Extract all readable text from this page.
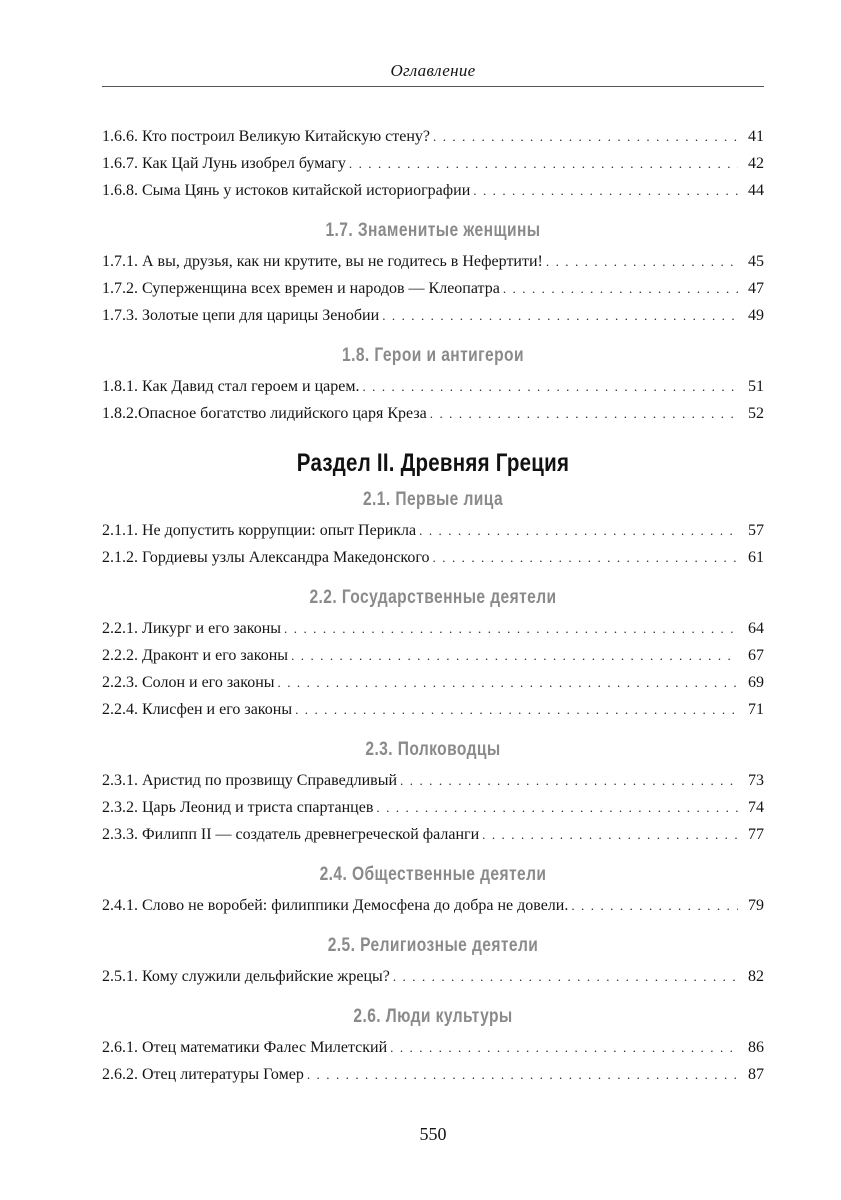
Оглавление
1.6.6. Кто построил Великую Китайскую стену? . . .	41
1.6.7. Как Цай Лунь изобрел бумагу . . .	42
1.6.8. Сыма Цянь у истоков китайской историографии . . .	44
1.7. Знаменитые женщины
1.7.1. А вы, друзья, как ни крутите, вы не годитесь в Нефертити! . . .	45
1.7.2. Суперженщина всех времен и народов — Клеопатра . . .	47
1.7.3. Золотые цепи для царицы Зенобии . . .	49
1.8. Герои и антигерои
1.8.1. Как Давид стал героем и царем. . . .	51
1.8.2.Опасное богатство лидийского царя Креза . . .	52
Раздел II. Древняя Греция
2.1. Первые лица
2.1.1. Не допустить коррупции: опыт Перикла . . .	57
2.1.2. Гордиевы узлы Александра Македонского . . .	61
2.2. Государственные деятели
2.2.1. Ликург и его законы . . .	64
2.2.2. Драконт и его законы . . .	67
2.2.3. Солон и его законы . . .	69
2.2.4. Клисфен и его законы . . .	71
2.3. Полководцы
2.3.1. Аристид по прозвищу Справедливый . . .	73
2.3.2. Царь Леонид и триста спартанцев . . .	74
2.3.3. Филипп II — создатель древнегреческой фаланги . . .	77
2.4. Общественные деятели
2.4.1. Слово не воробей: филиппики Демосфена до добра не довели. . . .	79
2.5. Религиозные деятели
2.5.1. Кому служили дельфийские жрецы? . . .	82
2.6. Люди культуры
2.6.1. Отец математики Фалес Милетский . . .	86
2.6.2. Отец литературы Гомер . . .	87
550
